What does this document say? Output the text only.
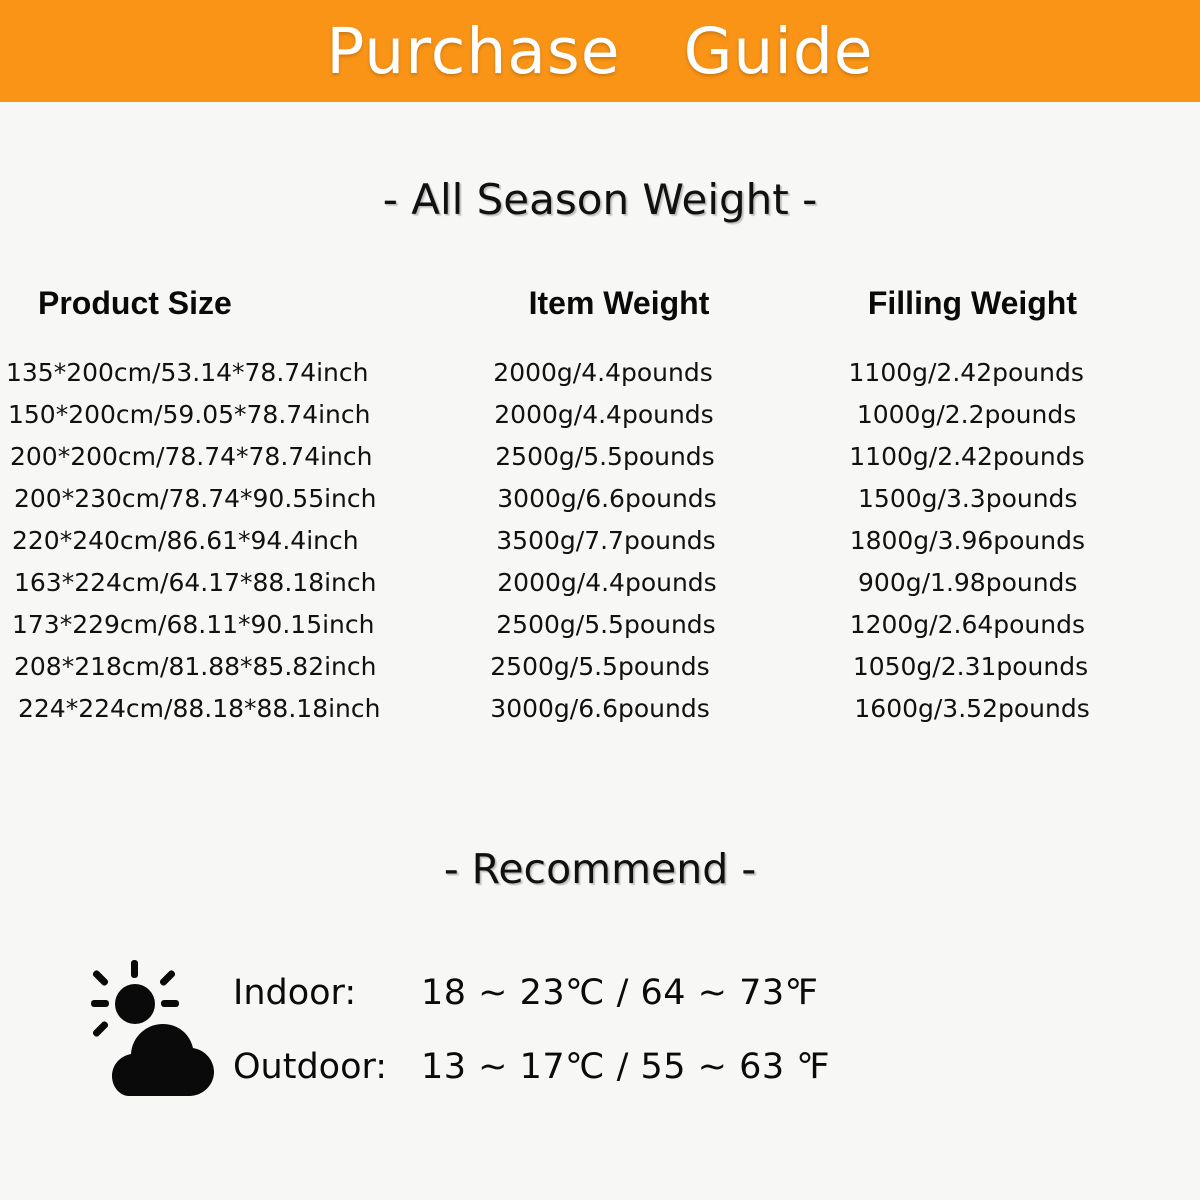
Purchase   Guide
- All Season Weight -
Product Size	Item Weight	Filling Weight
135*200cm/53.14*78.74inch	2000g/4.4pounds	1100g/2.42pounds
150*200cm/59.05*78.74inch	2000g/4.4pounds	1000g/2.2pounds
200*200cm/78.74*78.74inch	2500g/5.5pounds	1100g/2.42pounds
200*230cm/78.74*90.55inch	3000g/6.6pounds	1500g/3.3pounds
220*240cm/86.61*94.4inch	3500g/7.7pounds	1800g/3.96pounds
163*224cm/64.17*88.18inch	2000g/4.4pounds	900g/1.98pounds
173*229cm/68.11*90.15inch	2500g/5.5pounds	1200g/2.64pounds
208*218cm/81.88*85.82inch	2500g/5.5pounds	1050g/2.31pounds
224*224cm/88.18*88.18inch	3000g/6.6pounds	1600g/3.52pounds
- Recommend -
Indoor:	18 ~ 23℃ / 64 ~ 73℉
Outdoor: 13 ~ 17℃ / 55 ~ 63 ℉
